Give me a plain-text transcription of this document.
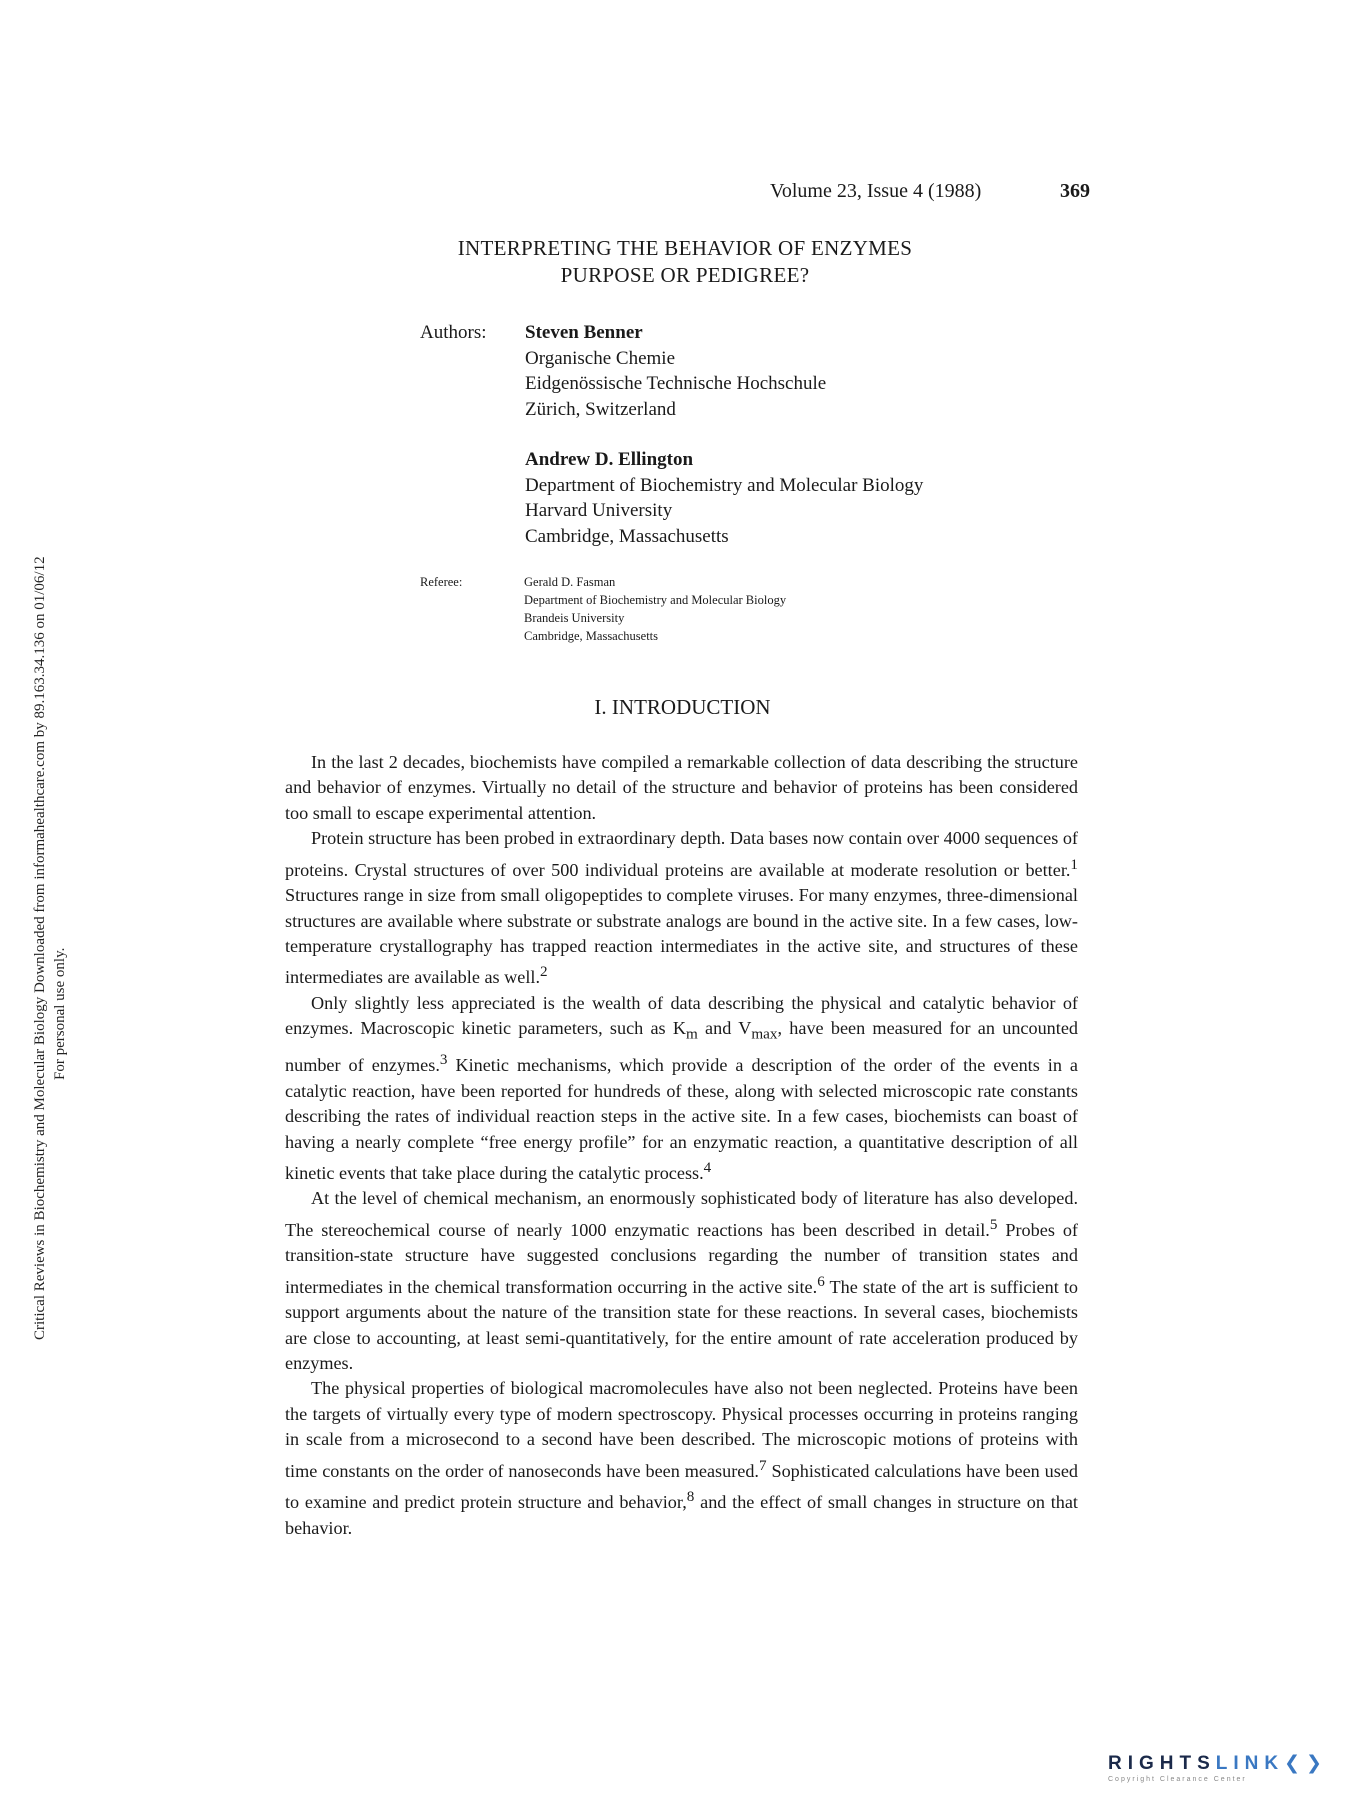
Critical Reviews in Biochemistry and Molecular Biology Downloaded from informahealthcare.com by 89.163.34.136 on 01/06/12 For personal use only.
Volume 23, Issue 4 (1988)	369
INTERPRETING THE BEHAVIOR OF ENZYMES
PURPOSE OR PEDIGREE?
Authors: Steven Benner
Organische Chemie
Eidgenössische Technische Hochschule
Zürich, Switzerland
Andrew D. Ellington
Department of Biochemistry and Molecular Biology
Harvard University
Cambridge, Massachusetts
Referee:	Gerald D. Fasman
Department of Biochemistry and Molecular Biology
Brandeis University
Cambridge, Massachusetts
I. INTRODUCTION

In the last 2 decades, biochemists have compiled a remarkable collection of data describing the structure and behavior of enzymes. Virtually no detail of the structure and behavior of proteins has been considered too small to escape experimental attention.

Protein structure has been probed in extraordinary depth. Data bases now contain over 4000 sequences of proteins. Crystal structures of over 500 individual proteins are available at moderate resolution or better.$^1$ Structures range in size from small oligopeptides to complete viruses. For many enzymes, three-dimensional structures are available where substrate or substrate analogs are bound in the active site. In a few cases, low-temperature crystallography has trapped reaction intermediates in the active site, and structures of these intermediates are available as well.$^2$

Only slightly less appreciated is the wealth of data describing the physical and catalytic behavior of enzymes. Macroscopic kinetic parameters, such as $K_m$ and $V_{max}$, have been measured for an uncounted number of enzymes.$^3$ Kinetic mechanisms, which provide a description of the order of the events in a catalytic reaction, have been reported for hundreds of these, along with selected microscopic rate constants describing the rates of individual reaction steps in the active site. In a few cases, biochemists can boast of having a nearly complete “free energy profile” for an enzymatic reaction, a quantitative description of all kinetic events that take place during the catalytic process.$^4$

At the level of chemical mechanism, an enormously sophisticated body of literature has also developed. The stereochemical course of nearly 1000 enzymatic reactions has been described in detail.$^5$ Probes of transition-state structure have suggested conclusions regarding the number of transition states and intermediates in the chemical transformation occurring in the active site.$^6$ The state of the art is sufficient to support arguments about the nature of the transition state for these reactions. In several cases, biochemists are close to accounting, at least semi-quantitatively, for the entire amount of rate acceleration produced by enzymes.

The physical properties of biological macromolecules have also not been neglected. Proteins have been the targets of virtually every type of modern spectroscopy. Physical processes occurring in proteins ranging in scale from a microsecond to a second have been described. The microscopic motions of proteins with time constants on the order of nanoseconds have been measured.$^7$ Sophisticated calculations have been used to examine and predict protein structure and behavior,$^8$ and the effect of small changes in structure on that behavior.

RIGHTSLINK❮❯
Copyright Clearance Center
